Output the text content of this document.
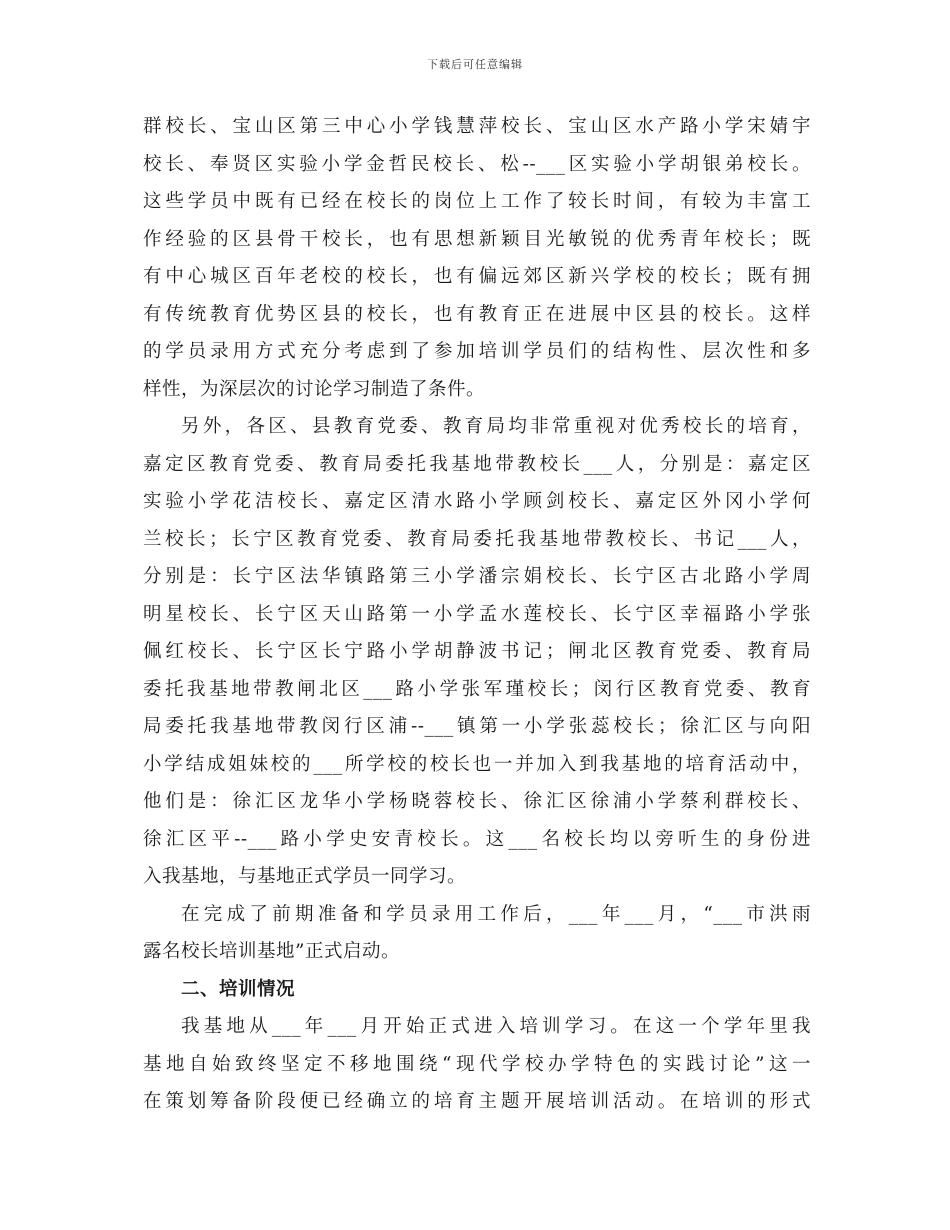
下载后可任意编辑
群校长、宝山区第三中心小学钱慧萍校长、宝山区水产路小学宋婧宇
校长、奉贤区实验小学金哲民校长、松--___区实验小学胡银弟校长。
这些学员中既有已经在校长的岗位上工作了较长时间，有较为丰富工
作经验的区县骨干校长，也有思想新颖目光敏锐的优秀青年校长；既
有中心城区百年老校的校长，也有偏远郊区新兴学校的校长；既有拥
有传统教育优势区县的校长，也有教育正在进展中区县的校长。这样
的学员录用方式充分考虑到了参加培训学员们的结构性、层次性和多
样性，为深层次的讨论学习制造了条件。
另外，各区、县教育党委、教育局均非常重视对优秀校长的培育，
嘉定区教育党委、教育局委托我基地带教校长___人，分别是：嘉定区
实验小学花洁校长、嘉定区清水路小学顾剑校长、嘉定区外冈小学何
兰校长；长宁区教育党委、教育局委托我基地带教校长、书记___人，
分别是：长宁区法华镇路第三小学潘宗娟校长、长宁区古北路小学周
明星校长、长宁区天山路第一小学孟水莲校长、长宁区幸福路小学张
佩红校长、长宁区长宁路小学胡静波书记；闸北区教育党委、教育局
委托我基地带教闸北区___路小学张军瑾校长；闵行区教育党委、教育
局委托我基地带教闵行区浦--___镇第一小学张蕊校长；徐汇区与向阳
小学结成姐妹校的___所学校的校长也一并加入到我基地的培育活动中，
他们是：徐汇区龙华小学杨晓蓉校长、徐汇区徐浦小学蔡利群校长、
徐汇区平--___路小学史安青校长。这___名校长均以旁听生的身份进
入我基地，与基地正式学员一同学习。
在完成了前期准备和学员录用工作后，___年___月，“___市洪雨
露名校长培训基地”正式启动。
二、培训情况
我基地从___年___月开始正式进入培训学习。在这一个学年里我
基地自始致终坚定不移地围绕“现代学校办学特色的实践讨论”这一
在策划筹备阶段便已经确立的培育主题开展培训活动。在培训的形式
